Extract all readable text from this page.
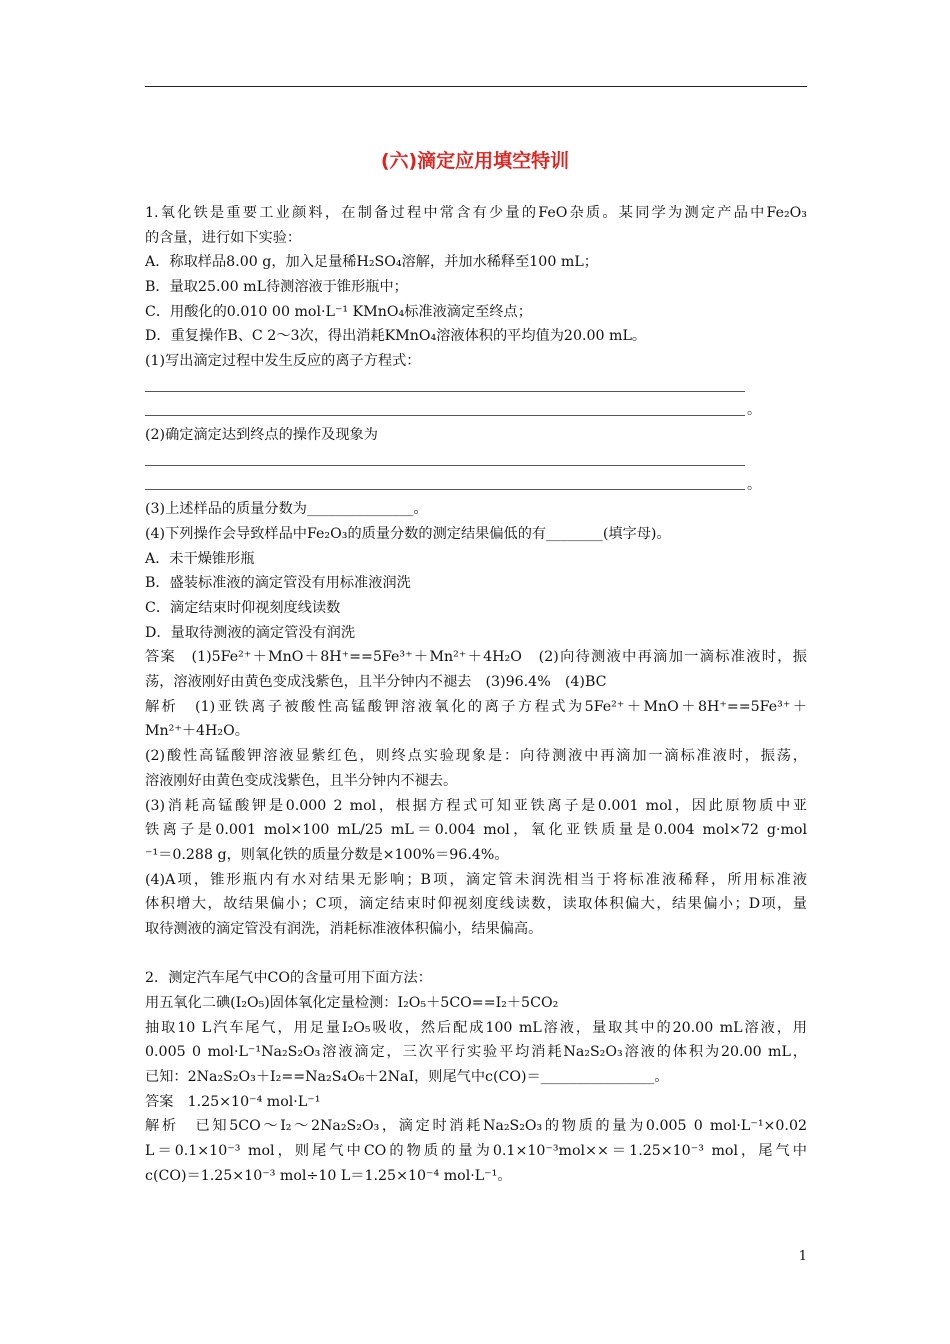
(六)滴定应用填空特训
1.氧化铁是重要工业颜料，在制备过程中常含有少量的FeO杂质。某同学为测定产品中Fe₂O₃
的含量，进行如下实验：
A．称取样品8.00 g，加入足量稀H₂SO₄溶解，并加水稀释至100 mL；
B．量取25.00 mL待测溶液于锥形瓶中；
C．用酸化的0.010 00 mol·L⁻¹ KMnO₄标准液滴定至终点；
D．重复操作B、C 2～3次，得出消耗KMnO₄溶液体积的平均值为20.00 mL。
(1)写出滴定过程中发生反应的离子方程式：
。
(2)确定滴定达到终点的操作及现象为
。
(3)上述样品的质量分数为_______________。
(4)下列操作会导致样品中Fe₂O₃的质量分数的测定结果偏低的有________(填字母)。
A．未干燥锥形瓶
B．盛装标准液的滴定管没有用标准液润洗
C．滴定结束时仰视刻度线读数
D．量取待测液的滴定管没有润洗
答案　(1)5Fe²⁺＋MnO＋8H⁺==5Fe³⁺＋Mn²⁺＋4H₂O　(2)向待测液中再滴加一滴标准液时，振
荡，溶液刚好由黄色变成浅紫色，且半分钟内不褪去　(3)96.4%　(4)BC
解析　(1)亚铁离子被酸性高锰酸钾溶液氧化的离子方程式为5Fe²⁺＋MnO＋8H⁺==5Fe³⁺＋
Mn²⁺＋4H₂O。
(2)酸性高锰酸钾溶液显紫红色，则终点实验现象是：向待测液中再滴加一滴标准液时，振荡，
溶液刚好由黄色变成浅紫色，且半分钟内不褪去。
(3)消耗高锰酸钾是0.000 2 mol，根据方程式可知亚铁离子是0.001 mol，因此原物质中亚
铁离子是0.001 mol×100 mL/25 mL＝0.004 mol，氧化亚铁质量是0.004 mol×72 g·mol
⁻¹＝0.288 g，则氧化铁的质量分数是×100%＝96.4%。
(4)A项，锥形瓶内有水对结果无影响；B项，滴定管未润洗相当于将标准液稀释，所用标准液
体积增大，故结果偏小；C项，滴定结束时仰视刻度线读数，读取体积偏大，结果偏小；D项，量
取待测液的滴定管没有润洗，消耗标准液体积偏小，结果偏高。
2．测定汽车尾气中CO的含量可用下面方法：
用五氧化二碘(I₂O₅)固体氧化定量检测：I₂O₅＋5CO==I₂＋5CO₂
抽取10 L汽车尾气，用足量I₂O₅吸收，然后配成100 mL溶液，量取其中的20.00 mL溶液，用
0.005 0 mol·L⁻¹Na₂S₂O₃溶液滴定，三次平行实验平均消耗Na₂S₂O₃溶液的体积为20.00 mL，
已知：2Na₂S₂O₃＋I₂==Na₂S₄O₆＋2NaI，则尾气中c(CO)＝________________。
答案　1.25×10⁻⁴ mol·L⁻¹
解析　已知5CO～I₂～2Na₂S₂O₃，滴定时消耗Na₂S₂O₃的物质的量为0.005 0 mol·L⁻¹×0.02
L＝0.1×10⁻³ mol，则尾气中CO的物质的量为0.1×10⁻³mol××＝1.25×10⁻³ mol，尾气中
c(CO)＝1.25×10⁻³ mol÷10 L＝1.25×10⁻⁴ mol·L⁻¹。
1
